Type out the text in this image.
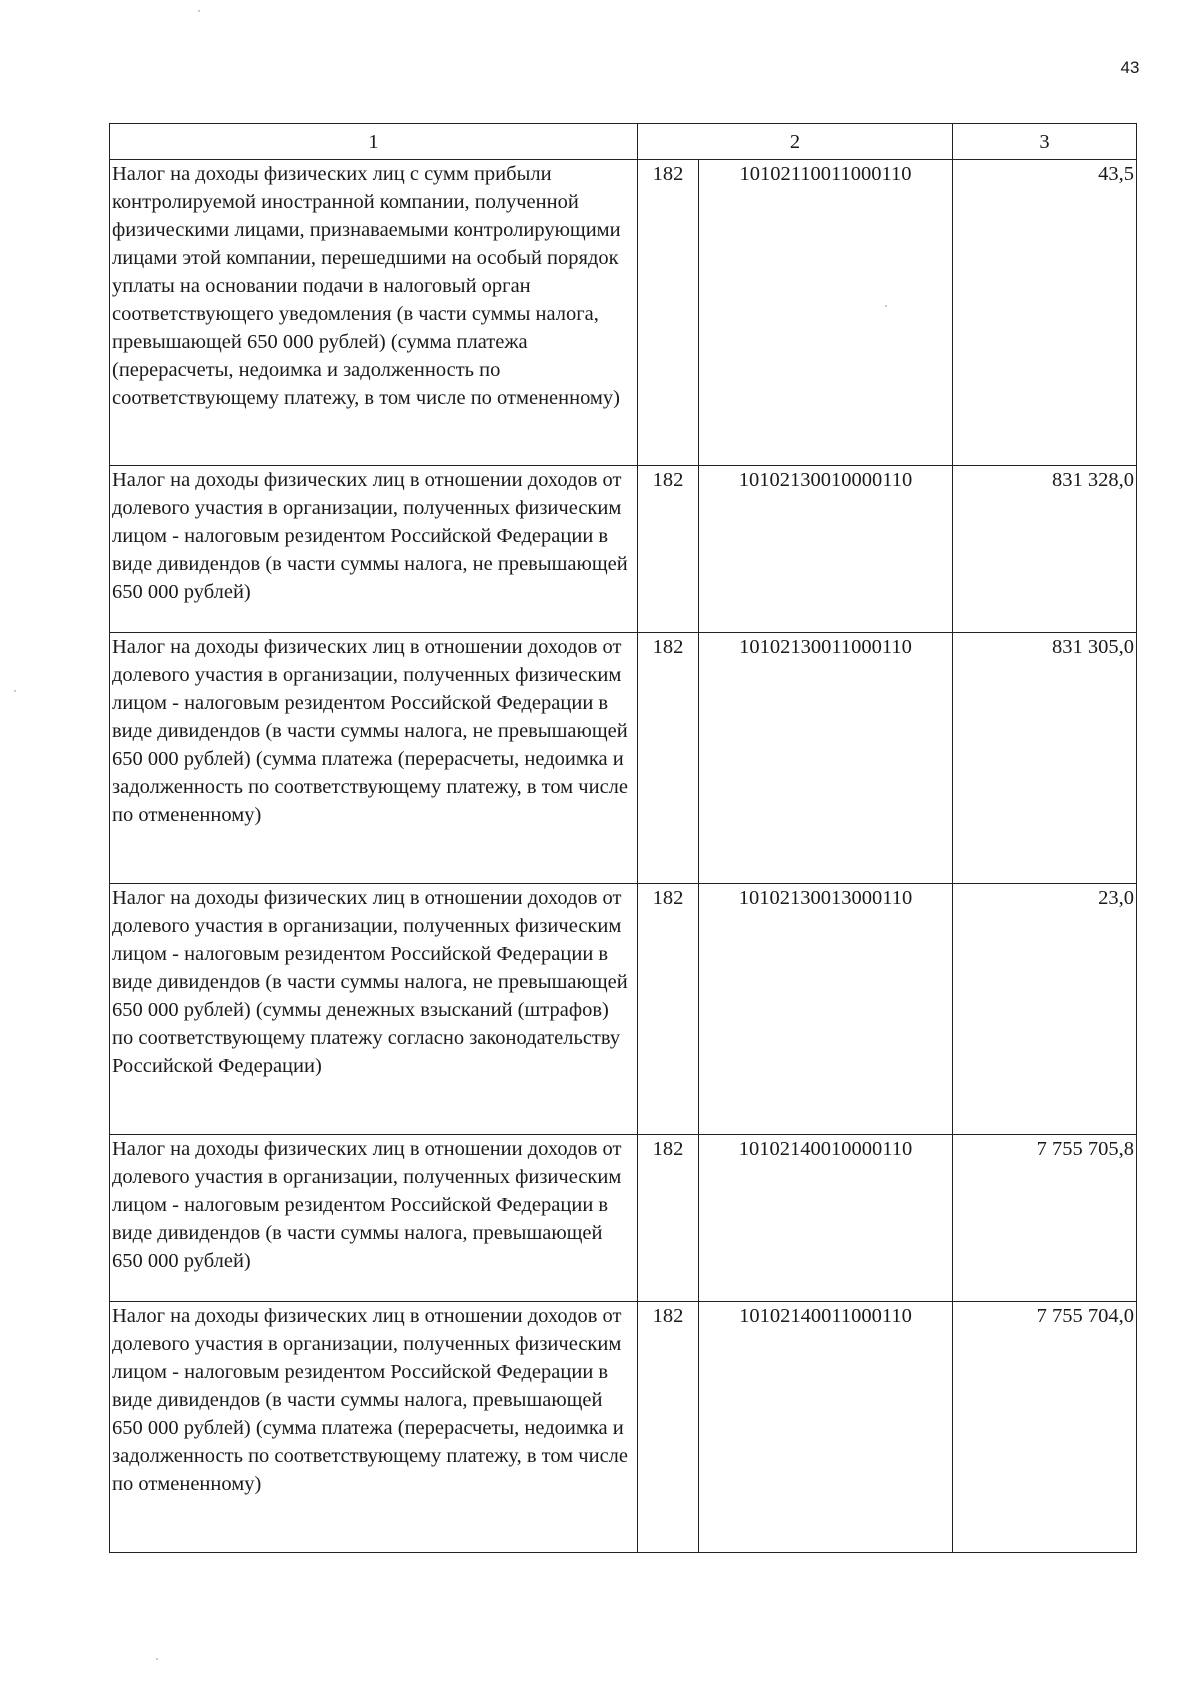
43
1	2		3
Налог на доходы физических лиц с сумм прибыли контролируемой иностранной компании, полученной физическими лицами, признаваемыми контролирующими лицами этой компании, перешедшими на особый порядок уплаты на основании подачи в налоговый орган соответствующего уведомления (в части суммы налога, превышающей 650 000 рублей) (сумма платежа (перерасчеты, недоимка и задолженность по соответствующему платежу, в том числе по отмененному)	182	10102110011000110	43,5
Налог на доходы физических лиц в отношении доходов от долевого участия в организации, полученных физическим лицом - налоговым резидентом Российской Федерации в виде дивидендов (в части суммы налога, не превышающей 650 000 рублей)	182	10102130010000110	831 328,0
Налог на доходы физических лиц в отношении доходов от долевого участия в организации, полученных физическим лицом - налоговым резидентом Российской Федерации в виде дивидендов (в части суммы налога, не превышающей 650 000 рублей) (сумма платежа (перерасчеты, недоимка и задолженность по соответствующему платежу, в том числе по отмененному)	182	10102130011000110	831 305,0
Налог на доходы физических лиц в отношении доходов от долевого участия в организации, полученных физическим лицом - налоговым резидентом Российской Федерации в виде дивидендов (в части суммы налога, не превышающей 650 000 рублей) (суммы денежных взысканий (штрафов) по соответствующему платежу согласно законодательству Российской Федерации)	182	10102130013000110	23,0
Налог на доходы физических лиц в отношении доходов от долевого участия в организации, полученных физическим лицом - налоговым резидентом Российской Федерации в виде дивидендов (в части суммы налога, превышающей 650 000 рублей)	182	10102140010000110	7 755 705,8
Налог на доходы физических лиц в отношении доходов от долевого участия в организации, полученных физическим лицом - налоговым резидентом Российской Федерации в виде дивидендов (в части суммы налога, превышающей 650 000 рублей) (сумма платежа (перерасчеты, недоимка и задолженность по соответствующему платежу, в том числе по отмененному)	182	10102140011000110	7 755 704,0
